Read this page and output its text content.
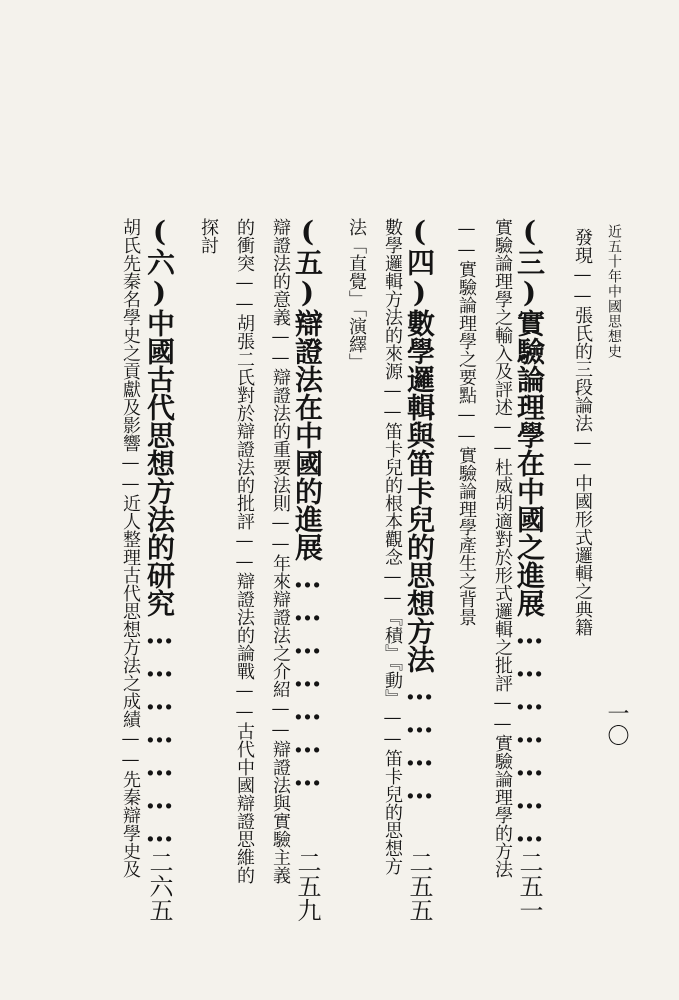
近五十年中國思想史
一〇
發現——張氏的三段論法——中國形式邏輯之典籍
(三)實驗論理學在中國之進展…………………
二五一
實驗論理學之輸入及評述——杜威胡適對於形式邏輯之批評——實驗論理學的方法
——實驗論理學之要點——實驗論理學產生之背景
(四)數學邏輯與笛卡兒的思想方法…………
二五五
數學邏輯方法的來源——笛卡兒的根本觀念——『積』『動』——笛卡兒的思想方
法「直覺」「演繹」
(五)辯證法在中國的進展…………………
二五九
辯證法的意義——辯證法的重要法則——年來辯證法之介紹——辯證法與實驗主義
的衝突——胡張二氏對於辯證法的批評——辯證法的論戰——古代中國辯證思維的
探討
(六)中國古代思想方法的研究…………………
二六五
胡氏先秦名學史之貢獻及影響——近人整理古代思想方法之成績——先秦辯學史及
